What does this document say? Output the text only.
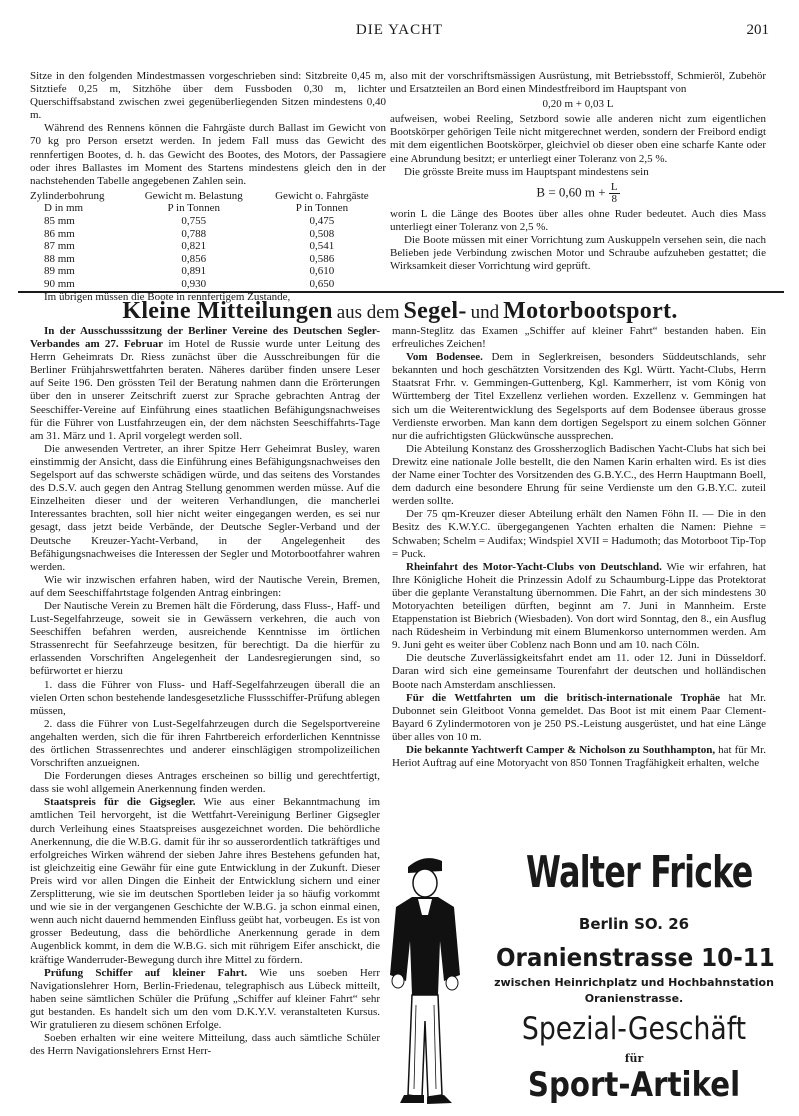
DIE YACHT	201

Sitze in den folgenden Mindestmassen vorgeschrieben sind: Sitzbreite 0,45 m, Sitztiefe 0,25 m, Sitzhöhe über dem Fussboden 0,30 m, lichter Querschiffsabstand zwischen zwei gegenüberliegenden Sitzen mindestens 0,40 m.

Während des Rennens können die Fahrgäste durch Ballast im Gewicht von 70 kg pro Person ersetzt werden. In jedem Fall muss das Gewicht des rennfertigen Bootes, d. h. das Gewicht des Bootes, des Motors, der Passagiere oder ihres Ballastes im Moment des Startens mindestens gleich den in der nachstehenden Tabelle angegebenen Zahlen sein.

Zylinderbohrung	Gewicht m. Belastung	Gewicht o. Fahrgäste
D in mm	P in Tonnen	P in Tonnen
85 mm	0,755	0,475
86 mm	0,788	0,508
87 mm	0,821	0,541
88 mm	0,856	0,586
89 mm	0,891	0,610
90 mm	0,930	0,650

Im übrigen müssen die Boote in rennfertigem Zustande,

also mit der vorschriftsmässigen Ausrüstung, mit Betriebsstoff, Schmieröl, Zubehör und Ersatzteilen an Bord einen Mindestfreibord im Hauptspant von

0,20 m + 0,03 L

aufweisen, wobei Reeling, Setzbord sowie alle anderen nicht zum eigentlichen Bootskörper gehörigen Teile nicht mitgerechnet werden, sondern der Freibord endigt mit dem eigentlichen Bootskörper, gleichviel ob dieser oben eine scharfe Kante oder eine Abrundung besitzt; er unterliegt einer Toleranz von 2,5 %.

Die grösste Breite muss im Hauptspant mindestens sein

B = 0,60 $m + \frac{L}{8}$

worin L die Länge des Bootes über alles ohne Ruder bedeutet. Auch dies Mass unterliegt einer Toleranz von 2,5 %.

Die Boote müssen mit einer Vorrichtung zum Auskuppeln versehen sein, die nach Belieben jede Verbindung zwischen Motor und Schraube aufzuheben gestattet; die Wirksamkeit dieser Vorrichtung wird geprüft.

Kleine Mitteilungen aus dem Segel- und Motorbootsport.

In der Ausschusssitzung der Berliner Vereine des Deutschen Segler-Verbandes am 27. Februar im Hotel de Russie wurde unter Leitung des Herrn Geheimrats Dr. Riess zunächst über die Ausschreibungen für die Berliner Frühjahrswettfahrten beraten. Näheres darüber finden unsere Leser auf Seite 196. Den grössten Teil der Beratung nahmen dann die Erörterungen über den in unserer Zeitschrift zuerst zur Sprache gebrachten Antrag der Seeschiffer-Vereine auf Einführung eines staatlichen Befähigungsnachweises für die Führer von Lustfahrzeugen ein, der dem nächsten Seeschiffahrts-Tage am 31. März und 1. April vorgelegt werden soll.

Die anwesenden Vertreter, an ihrer Spitze Herr Geheimrat Busley, waren einstimmig der Ansicht, dass die Einführung eines Befähigungsnachweises den Segelsport auf das schwerste schädigen würde, und das seitens des Vorstandes des D.S.V. auch gegen den Antrag Stellung genommen werden müsse. Auf die Einzelheiten dieser und der weiteren Verhandlungen, die mancherlei Interessantes brachten, soll hier nicht weiter eingegangen werden, es sei nur gesagt, dass jetzt beide Verbände, der Deutsche Segler-Verband und der Deutsche Kreuzer-Yacht-Verband, in der Angelegenheit des Befähigungsnachweises die Interessen der Segler und Motorbootfahrer wahren werden.

Wie wir inzwischen erfahren haben, wird der Nautische Verein, Bremen, auf dem Seeschiffahrtstage folgenden Antrag einbringen:

Der Nautische Verein zu Bremen hält die Förderung, dass Fluss-, Haff- und Lust-Segelfahrzeuge, soweit sie in Gewässern verkehren, die auch von Seeschiffen befahren werden, ausreichende Kenntnisse im örtlichen Strassenrecht für Seefahrzeuge besitzen, für berechtigt. Da die hierfür zu erlassenden Vorschriften Angelegenheit der Landesregierungen sind, so befürwortet er hierzu

1. dass die Führer von Fluss- und Haff-Segelfahrzeugen überall die an vielen Orten schon bestehende landesgesetzliche Flussschiffer-Prüfung ablegen müssen,

2. dass die Führer von Lust-Segelfahrzeugen durch die Segelsportvereine angehalten werden, sich die für ihren Fahrtbereich erforderlichen Kenntnisse des örtlichen Strassenrechtes und anderer einschlägigen strompolizeilichen Vorschriften anzueignen.

Die Forderungen dieses Antrages erscheinen so billig und gerechtfertigt, dass sie wohl allgemein Anerkennung finden werden.

Staatspreis für die Gigsegler. Wie aus einer Bekanntmachung im amtlichen Teil hervorgeht, ist die Wettfahrt-Vereinigung Berliner Gigsegler durch Verleihung eines Staatspreises ausgezeichnet worden. Die behördliche Anerkennung, die die W.B.G. damit für ihr so ausserordentlich tatkräftiges und erfolgreiches Wirken während der sieben Jahre ihres Bestehens gefunden hat, ist gleichzeitig eine Gewähr für eine gute Entwicklung in der Zukunft. Dieser Preis wird vor allen Dingen die Einheit der Entwicklung sichern und einer Zersplitterung, wie sie im deutschen Sportleben leider ja so häufig vorkommt und wie sie in der vergangenen Geschichte der W.B.G. ja schon einmal einen, wenn auch nicht dauernd hemmenden Einfluss geübt hat, vorbeugen. Es ist von grosser Bedeutung, dass die behördliche Anerkennung gerade in dem Augenblick kommt, in dem die W.B.G. sich mit rührigem Eifer anschickt, die kräftige Wanderruder-Bewegung durch ihre Mittel zu fördern.

Prüfung Schiffer auf kleiner Fahrt. Wie uns soeben Herr Navigationslehrer Horn, Berlin-Friedenau, telegraphisch aus Lübeck mitteilt, haben seine sämtlichen Schüler die Prüfung „Schiffer auf kleiner Fahrt“ sehr gut bestanden. Es handelt sich um den vom D.K.Y.V. veranstalteten Kursus. Wir gratulieren zu diesem schönen Erfolge.

Soeben erhalten wir eine weitere Mitteilung, dass auch sämtliche Schüler des Herrn Navigationslehrers Ernst Herr-

mann-Steglitz das Examen „Schiffer auf kleiner Fahrt“ bestanden haben. Ein erfreuliches Zeichen!

Vom Bodensee. Dem in Seglerkreisen, besonders Süddeutschlands, sehr bekannten und hoch geschätzten Vorsitzenden des Kgl. Württ. Yacht-Clubs, Herrn Staatsrat Frhr. v. Gemmingen-Guttenberg, Kgl. Kammerherr, ist vom König von Württemberg der Titel Exzellenz verliehen worden. Exzellenz v. Gemmingen hat sich um die Weiterentwicklung des Segelsports auf dem Bodensee überaus grosse Verdienste erworben. Man kann dem dortigen Segelsport zu einem solchen Gönner nur die aufrichtigsten Glückwünsche aussprechen.

Die Abteilung Konstanz des Grossherzoglich Badischen Yacht-Clubs hat sich bei Drewitz eine nationale Jolle bestellt, die den Namen Karin erhalten wird. Es ist dies der Name einer Tochter des Vorsitzenden des G.B.Y.C., des Herrn Hauptmann Boell, dem dadurch eine besondere Ehrung für seine Verdienste um den G.B.Y.C. zuteil werden sollte.

Der 75 qm-Kreuzer dieser Abteilung erhält den Namen Föhn II. — Die in den Besitz des K.W.Y.C. übergegangenen Yachten erhalten die Namen: Piehne = Schwaben; Schelm = Audifax; Windspiel XVII = Hadumoth; das Motorboot Tip-Top = Puck.

Rheinfahrt des Motor-Yacht-Clubs von Deutschland. Wie wir erfahren, hat Ihre Königliche Hoheit die Prinzessin Adolf zu Schaumburg-Lippe das Protektorat über die geplante Veranstaltung übernommen. Die Fahrt, an der sich mindestens 30 Motoryachten beteiligen dürften, beginnt am 7. Juni in Mannheim. Erste Etappenstation ist Biebrich (Wiesbaden). Von dort wird Sonntag, den 8., ein Ausflug nach Rüdesheim in Verbindung mit einem Blumenkorso unternommen werden. Am 9. Juni geht es weiter über Coblenz nach Bonn und am 10. nach Cöln.

Die deutsche Zuverlässigkeitsfahrt endet am 11. oder 12. Juni in Düsseldorf. Daran wird sich eine gemeinsame Tourenfahrt der deutschen und holländischen Boote nach Amsterdam anschliessen.

Für die Wettfahrten um die britisch-internationale Trophäe hat Mr. Dubonnet sein Gleitboot Vonna gemeldet. Das Boot ist mit einem Paar Clement-Bayard 6 Zylindermotoren von je 250 PS.-Leistung ausgerüstet, und hat eine Länge über alles von 10 m.

Die bekannte Yachtwerft Camper & Nicholson zu Southhampton, hat für Mr. Heriot Auftrag auf eine Motoryacht von 850 Tonnen Tragfähigkeit erhalten, welche

Walter Fricke
Berlin SO. 26
Oranienstrasse 10-11
zwischen Heinrichplatz und Hochbahnstation Oranienstrasse.
Spezial-Geschäft
für
Sport-Artikel
